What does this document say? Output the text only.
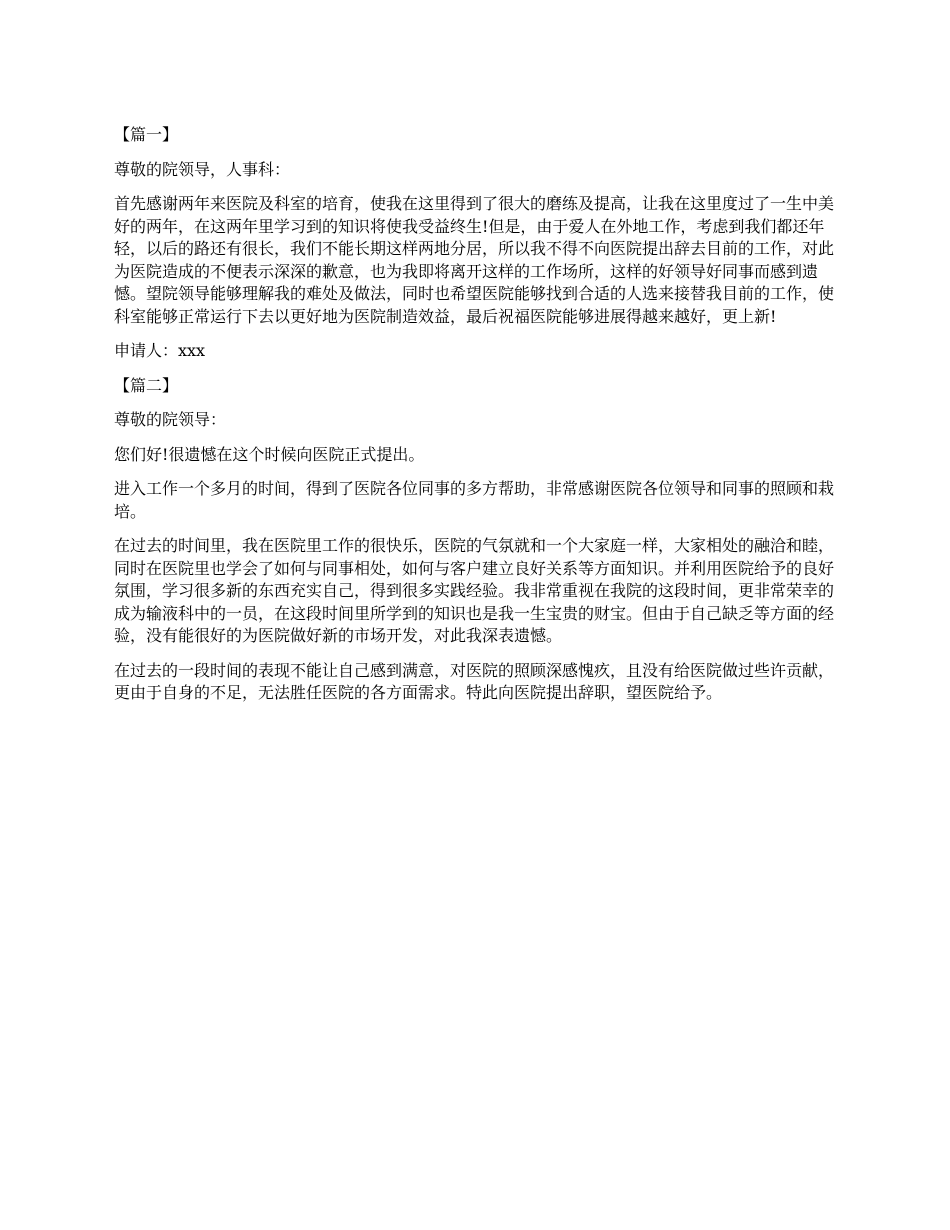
【篇一】

尊敬的院领导，人事科：

首先感谢两年来医院及科室的培育，使我在这里得到了很大的磨练及提高，让我在这里度过了一生中美好的两年，在这两年里学习到的知识将使我受益终生!但是，由于爱人在外地工作，考虑到我们都还年轻，以后的路还有很长，我们不能长期这样两地分居，所以我不得不向医院提出辞去目前的工作，对此为医院造成的不便表示深深的歉意，也为我即将离开这样的工作场所，这样的好领导好同事而感到遗憾。望院领导能够理解我的难处及做法，同时也希望医院能够找到合适的人选来接替我目前的工作，使科室能够正常运行下去以更好地为医院制造效益，最后祝福医院能够进展得越来越好，更上新!

申请人：xxx

【篇二】

尊敬的院领导：

您们好!很遗憾在这个时候向医院正式提出。

进入工作一个多月的时间，得到了医院各位同事的多方帮助，非常感谢医院各位领导和同事的照顾和栽培。

在过去的时间里，我在医院里工作的很快乐，医院的气氛就和一个大家庭一样，大家相处的融洽和睦，同时在医院里也学会了如何与同事相处，如何与客户建立良好关系等方面知识。并利用医院给予的良好氛围，学习很多新的东西充实自己，得到很多实践经验。我非常重视在我院的这段时间，更非常荣幸的成为输液科中的一员，在这段时间里所学到的知识也是我一生宝贵的财宝。但由于自己缺乏等方面的经验，没有能很好的为医院做好新的市场开发，对此我深表遗憾。

在过去的一段时间的表现不能让自己感到满意，对医院的照顾深感愧疚，且没有给医院做过些许贡献，更由于自身的不足，无法胜任医院的各方面需求。特此向医院提出辞职，望医院给予。
